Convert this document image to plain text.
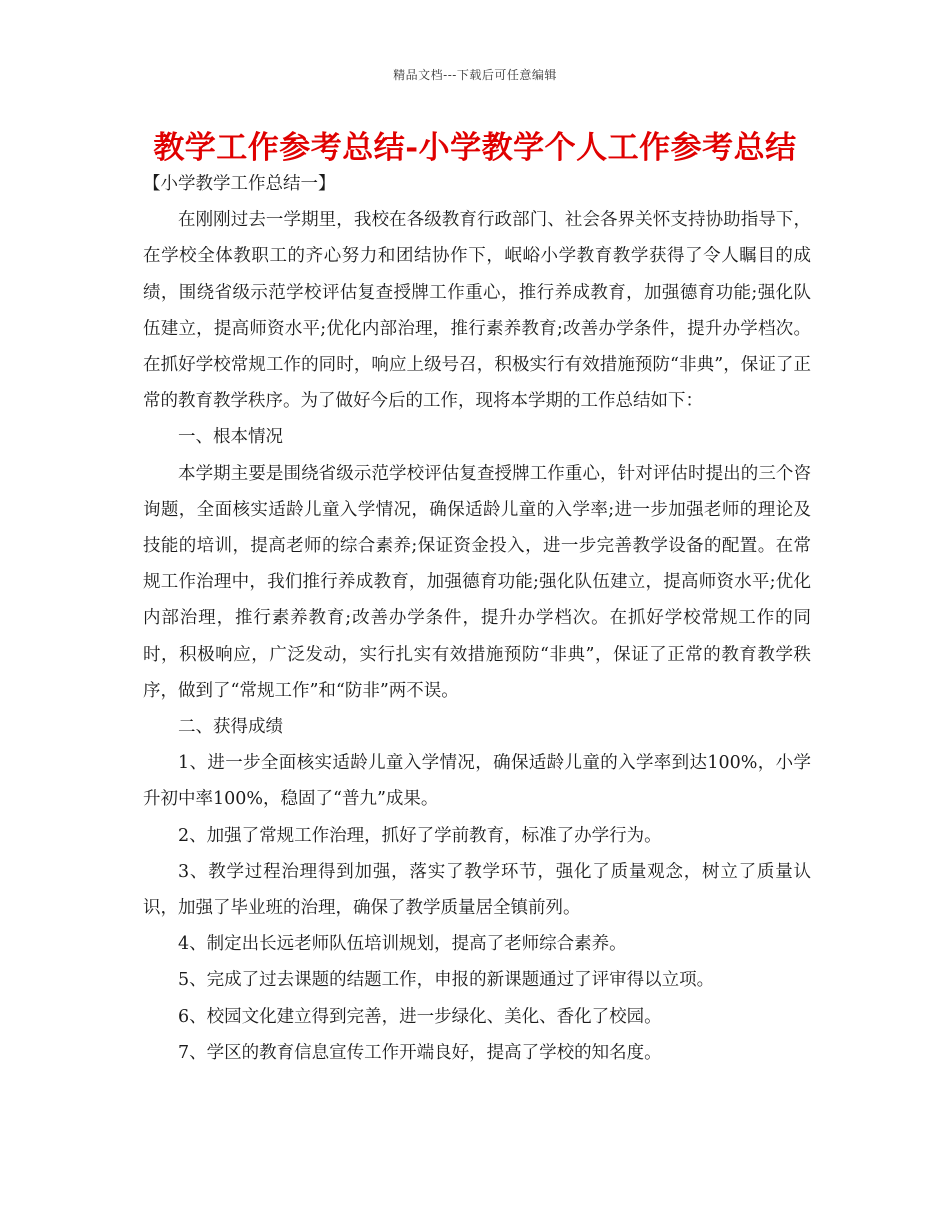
精品文档---下载后可任意编辑
教学工作参考总结-小学教学个人工作参考总结

【小学教学工作总结一】

在刚刚过去一学期里，我校在各级教育行政部门、社会各界关怀支持协助指导下，在学校全体教职工的齐心努力和团结协作下，岷峪小学教育教学获得了令人瞩目的成绩，围绕省级示范学校评估复查授牌工作重心，推行养成教育，加强德育功能;强化队伍建立，提高师资水平;优化内部治理，推行素养教育;改善办学条件，提升办学档次。在抓好学校常规工作的同时，响应上级号召，积极实行有效措施预防“非典”，保证了正常的教育教学秩序。为了做好今后的工作，现将本学期的工作总结如下：

一、根本情况

本学期主要是围绕省级示范学校评估复查授牌工作重心，针对评估时提出的三个咨询题，全面核实适龄儿童入学情况，确保适龄儿童的入学率;进一步加强老师的理论及技能的培训，提高老师的综合素养;保证资金投入，进一步完善教学设备的配置。在常规工作治理中，我们推行养成教育，加强德育功能;强化队伍建立，提高师资水平;优化内部治理，推行素养教育;改善办学条件，提升办学档次。在抓好学校常规工作的同时，积极响应，广泛发动，实行扎实有效措施预防“非典”，保证了正常的教育教学秩序，做到了“常规工作”和“防非”两不误。

二、获得成绩

1、进一步全面核实适龄儿童入学情况，确保适龄儿童的入学率到达100%，小学升初中率100%，稳固了“普九”成果。

2、加强了常规工作治理，抓好了学前教育，标准了办学行为。

3、教学过程治理得到加强，落实了教学环节，强化了质量观念，树立了质量认识，加强了毕业班的治理，确保了教学质量居全镇前列。

4、制定出长远老师队伍培训规划，提高了老师综合素养。

5、完成了过去课题的结题工作，申报的新课题通过了评审得以立项。

6、校园文化建立得到完善，进一步绿化、美化、香化了校园。

7、学区的教育信息宣传工作开端良好，提高了学校的知名度。
